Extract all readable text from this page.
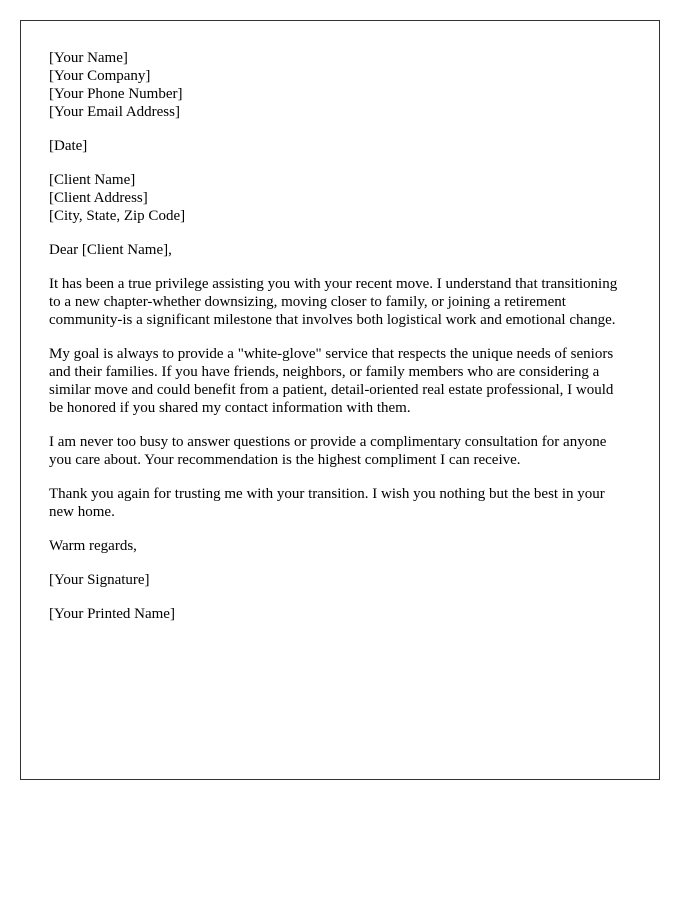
[Your Name]
[Your Company]
[Your Phone Number]
[Your Email Address]
[Date]
[Client Name]
[Client Address]
[City, State, Zip Code]

Dear [Client Name],

It has been a true privilege assisting you with your recent move. I understand that transitioning to a new chapter-whether downsizing, moving closer to family, or joining a retirement community-is a significant milestone that involves both logistical work and emotional change.

My goal is always to provide a "white-glove" service that respects the unique needs of seniors and their families. If you have friends, neighbors, or family members who are considering a similar move and could benefit from a patient, detail-oriented real estate professional, I would be honored if you shared my contact information with them.

I am never too busy to answer questions or provide a complimentary consultation for anyone you care about. Your recommendation is the highest compliment I can receive.

Thank you again for trusting me with your transition. I wish you nothing but the best in your new home.

Warm regards,

[Your Signature]

[Your Printed Name]
